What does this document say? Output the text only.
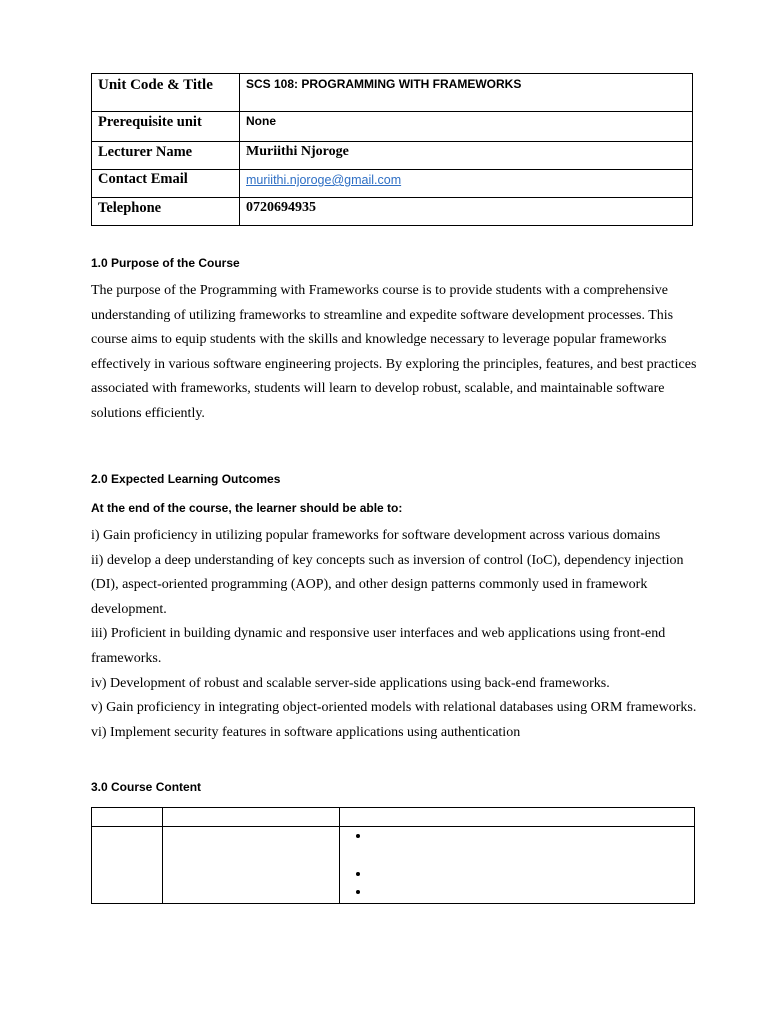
Unit Code & Title	SCS 108: PROGRAMMING WITH FRAMEWORKS
Prerequisite unit	None
Lecturer Name	Muriithi Njoroge
Contact Email	muriithi.njoroge@gmail.com
Telephone	0720694935
1.0 Purpose of the Course
The purpose of the Programming with Frameworks course is to provide students with a comprehensive understanding of utilizing frameworks to streamline and expedite software development processes. This course aims to equip students with the skills and knowledge necessary to leverage popular frameworks effectively in various software engineering projects. By exploring the principles, features, and best practices associated with frameworks, students will learn to develop robust, scalable, and maintainable software solutions efficiently.
2.0 Expected Learning Outcomes
At the end of the course, the learner should be able to:
i) Gain proficiency in utilizing popular frameworks for software development across various domains
ii) develop a deep understanding of key concepts such as inversion of control (IoC), dependency injection (DI), aspect-oriented programming (AOP), and other design patterns commonly used in framework development.
iii) Proficient in building dynamic and responsive user interfaces and web applications using front-end frameworks.
iv) Development of robust and scalable server-side applications using back-end frameworks.
v) Gain proficiency in integrating object-oriented models with relational databases using ORM frameworks.
vi) Implement security features in software applications using authentication
3.0 Course Content

•
•
•
